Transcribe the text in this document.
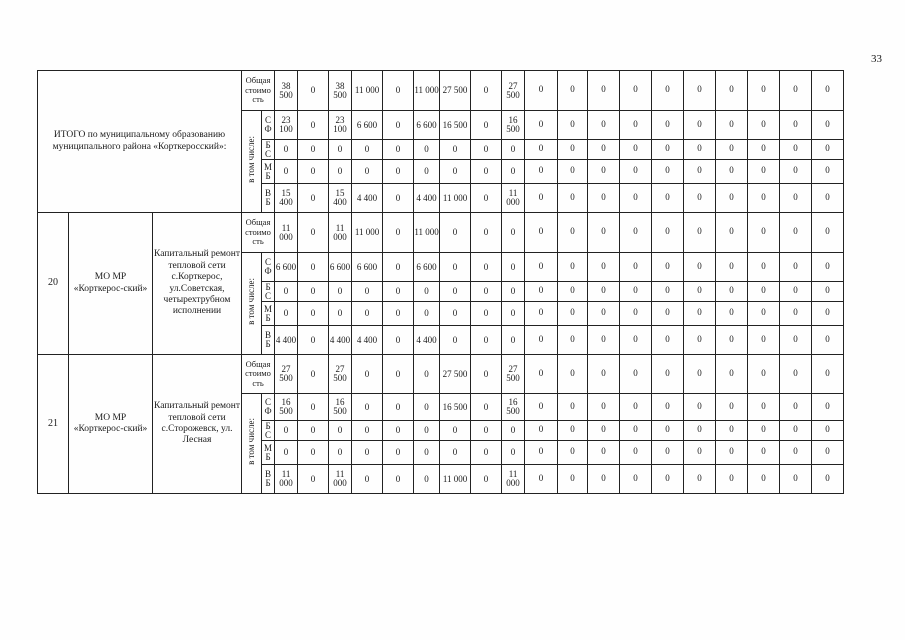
33
ИТОГО по муниципальному образованию муниципального района «Корткеросский»:			Общая стоимо сть		38 500	0	38 500	11 000	0	11 000	27 500	0	27 500	0	0	0	0	0	0	0	0	0	0
			в том числе:	С Ф	23 100	0	23 100	6 600	0	6 600	16 500	0	16 500	0	0	0	0	0	0	0	0	0	0
				Б С	0	0	0	0	0	0	0	0	0	0	0	0	0	0	0	0	0	0	0
				М Б	0	0	0	0	0	0	0	0	0	0	0	0	0	0	0	0	0	0	0
				В Б	15 400	0	15 400	4 400	0	4 400	11 000	0	11 000	0	0	0	0	0	0	0	0	0	0
20	МО МР «Корткерос-ский»	Капитальный ремонт тепловой сети с.Корткерос, ул.Советская, четырехтрубном исполнении	Общая стоимо сть		11 000	0	11 000	11 000	0	11 000	0	0	0	0	0	0	0	0	0	0	0	0	0
			в том числе:	С Ф	6 600	0	6 600	6 600	0	6 600	0	0	0	0	0	0	0	0	0	0	0	0	0
				Б С	0	0	0	0	0	0	0	0	0	0	0	0	0	0	0	0	0	0	0
				М Б	0	0	0	0	0	0	0	0	0	0	0	0	0	0	0	0	0	0	0
				В Б	4 400	0	4 400	4 400	0	4 400	0	0	0	0	0	0	0	0	0	0	0	0	0
21	МО МР «Корткерос-ский»	Капитальный ремонт тепловой сети с.Сторожевск, ул. Лесная	Общая стоимо сть		27 500	0	27 500	0	0	0	27 500	0	27 500	0	0	0	0	0	0	0	0	0	0
			в том числе:	С Ф	16 500	0	16 500	0	0	0	16 500	0	16 500	0	0	0	0	0	0	0	0	0	0
				Б С	0	0	0	0	0	0	0	0	0	0	0	0	0	0	0	0	0	0	0
				М Б	0	0	0	0	0	0	0	0	0	0	0	0	0	0	0	0	0	0	0
				В Б	11 000	0	11 000	0	0	0	11 000	0	11 000	0	0	0	0	0	0	0	0	0	0
